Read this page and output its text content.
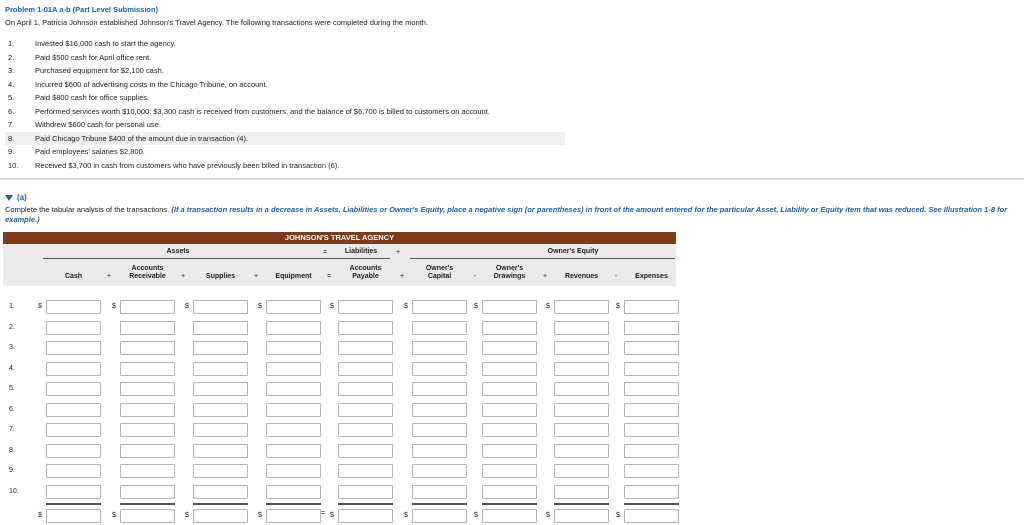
Problem 1-01A a-b (Part Level Submission)
On April 1, Patricia Johnson established Johnson's Travel Agency. The following transactions were completed during the month.
1.	Invested $16,000 cash to start the agency.
2.	Paid $500 cash for April office rent.
3.	Purchased equipment for $2,100 cash.
4.	Incurred $600 of advertising costs in the Chicago Tribune, on account.
5.	Paid $800 cash for office supplies.
6.	Performed services worth $10,000: $3,300 cash is received from customers, and the balance of $6,700 is billed to customers on account.
7.	Withdrew $600 cash for personal use.
8.	Paid Chicago Tribune $400 of the amount due in transaction (4).
9.	Paid employees' salaries $2,800.
10.	Received $3,700 in cash from customers who have previously been billed in transaction (6).
(a)
Complete the tabular analysis of the transactions. (If a transaction results in a decrease in Assets, Liabilities or Owner's Equity, place a negative sign (or parentheses) in front of the amount entered for the particular Asset, Liability or Equity item that was reduced. See Illustration 1-8 for example.)
JOHNSON'S TRAVEL AGENCY
Assets	Liabilities	Owner's Equity
=	+
Cash
Accounts
Receivable	Supplies	Equipment
Accounts
Payable
Owner's
Capital
Owner's
Drawings	Revenues	Expenses
+	+	+	=	+	-	+	-
1.	$	$	$	$	$	$	$	$	$
2.
3.
4.
5.
6.
7.
8.
9.
10.
$	$	$	$	$	$	$	$	$
=
